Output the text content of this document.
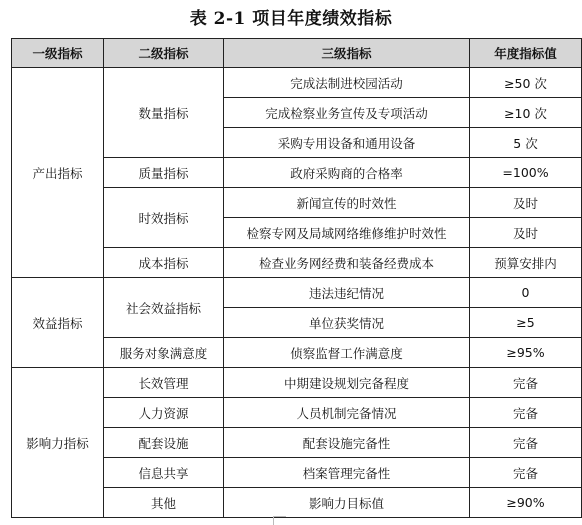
表 2-1 项目年度绩效指标
一级指标	二级指标	三级指标	年度指标值
产出指标	数量指标	完成法制进校园活动	≥50 次
		完成检察业务宣传及专项活动	≥10 次
		采购专用设备和通用设备	5 次
	质量指标	政府采购商的合格率	=100%
	时效指标	新闻宣传的时效性	及时
		检察专网及局域网络维修维护时效性	及时
	成本指标	检查业务网经费和装备经费成本	预算安排内
效益指标	社会效益指标	违法违纪情况	0
		单位获奖情况	≥5
	服务对象满意度	侦察监督工作满意度	≥95%
影响力指标	长效管理	中期建设规划完备程度	完备
	人力资源	人员机制完备情况	完备
	配套设施	配套设施完备性	完备
	信息共享	档案管理完备性	完备
	其他	影响力目标值	≥90%
